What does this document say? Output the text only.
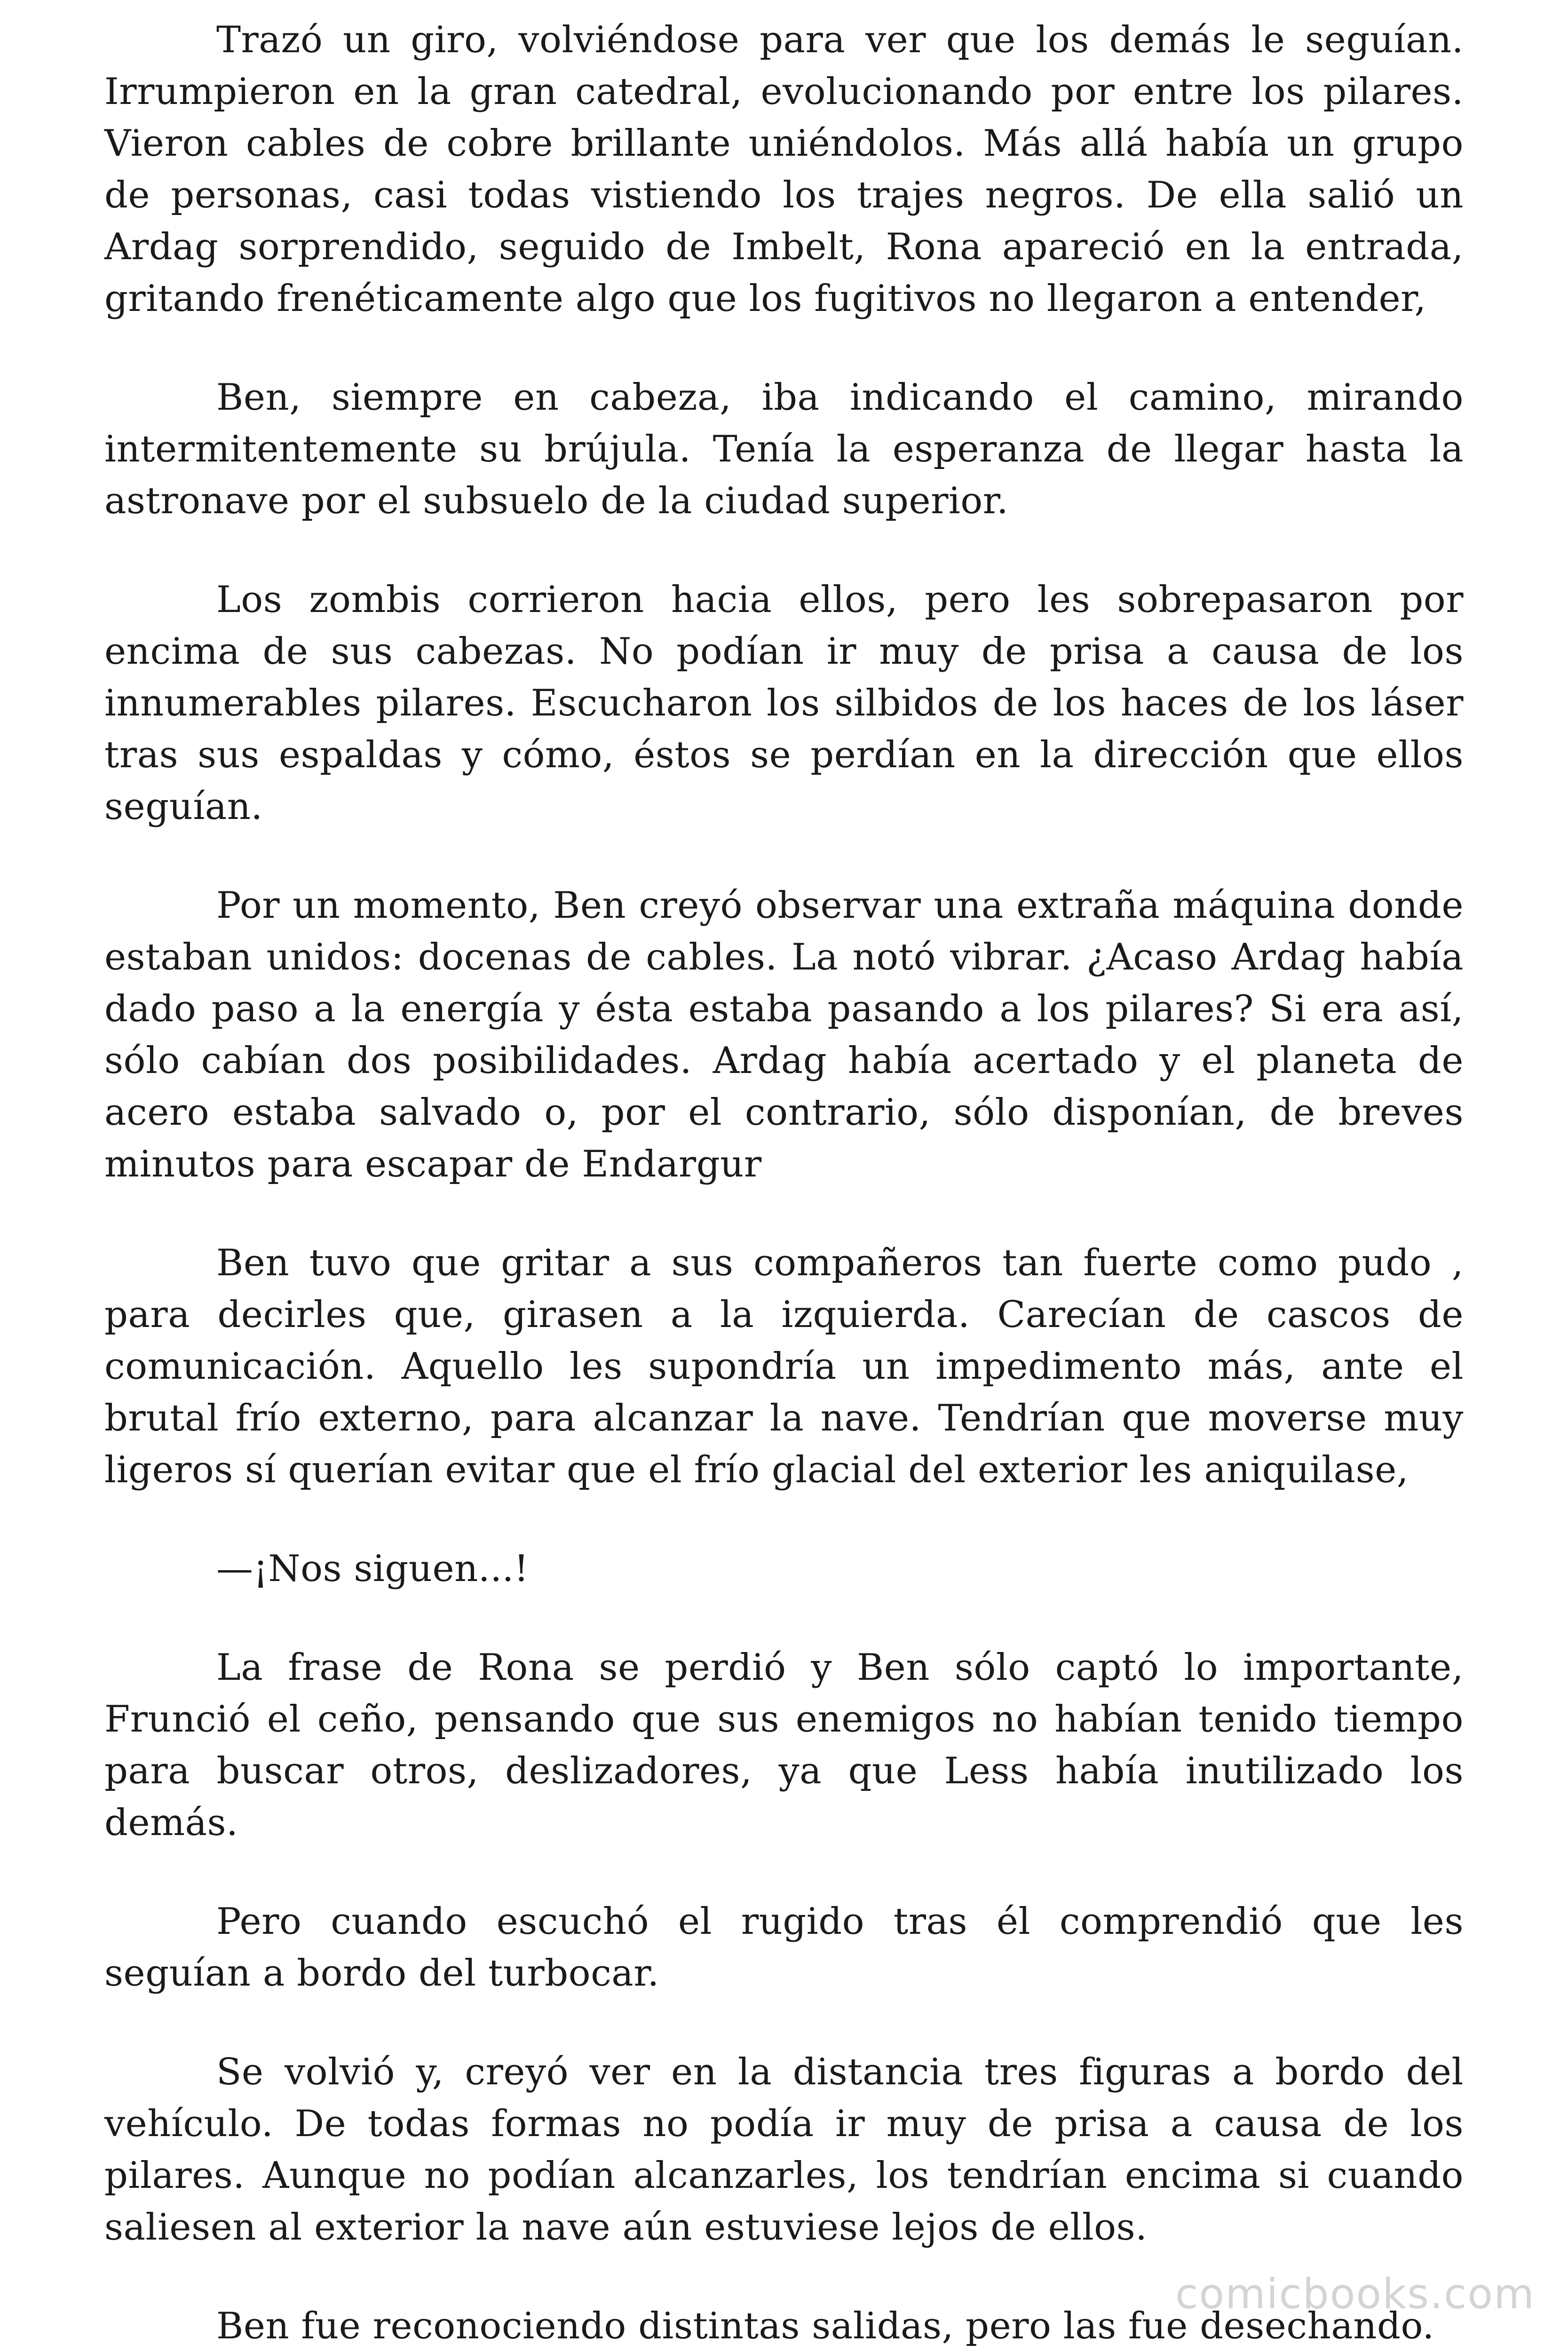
Trazó un giro, volviéndose para ver que los demás le seguían. Irrumpieron en la gran catedral, evolucionando por entre los pilares. Vieron cables de cobre brillante uniéndolos. Más allá había un grupo de personas, casi todas vistiendo los trajes negros. De ella salió un Ardag sorprendido, seguido de Imbelt, Rona apareció en la entrada, gritando frenéticamente algo que los fugitivos no llegaron a entender,

Ben, siempre en cabeza, iba indicando el camino, mirando intermitentemente su brújula. Tenía la esperanza de llegar hasta la astronave por el subsuelo de la ciudad superior.

Los zombis corrieron hacia ellos, pero les sobrepasaron por encima de sus cabezas. No podían ir muy de prisa a causa de los innumerables pilares. Escucharon los silbidos de los haces de los láser tras sus espaldas y cómo, éstos se perdían en la dirección que ellos seguían.

Por un momento, Ben creyó observar una extraña máquina donde estaban unidos: docenas de cables. La notó vibrar. ¿Acaso Ardag había dado paso a la energía y ésta estaba pasando a los pilares? Si era así, sólo cabían dos posibilidades. Ardag había acertado y el planeta de acero estaba salvado o, por el contrario, sólo disponían, de breves minutos para escapar de Endargur

Ben tuvo que gritar a sus compañeros tan fuerte como pudo , para decirles que, girasen a la izquierda. Carecían de cascos de comunicación. Aquello les supondría un impedimento más, ante el brutal frío externo, para alcanzar la nave. Tendrían que moverse muy ligeros sí querían evitar que el frío glacial del exterior les aniquilase,

—¡Nos siguen...!

La frase de Rona se perdió y Ben sólo captó lo importante, Frunció el ceño, pensando que sus enemigos no habían tenido tiempo para buscar otros, deslizadores, ya que Less había inutilizado los demás.

Pero cuando escuchó el rugido tras él comprendió que les seguían a bordo del turbocar.

Se volvió y, creyó ver en la distancia tres figuras a bordo del vehículo. De todas formas no podía ir muy de prisa a causa de los pilares. Aunque no podían alcanzarles, los tendrían encima si cuando saliesen al exterior la nave aún estuviese lejos de ellos.

Ben fue reconociendo distintas salidas, pero las fue desechando.

comicbooks.com
